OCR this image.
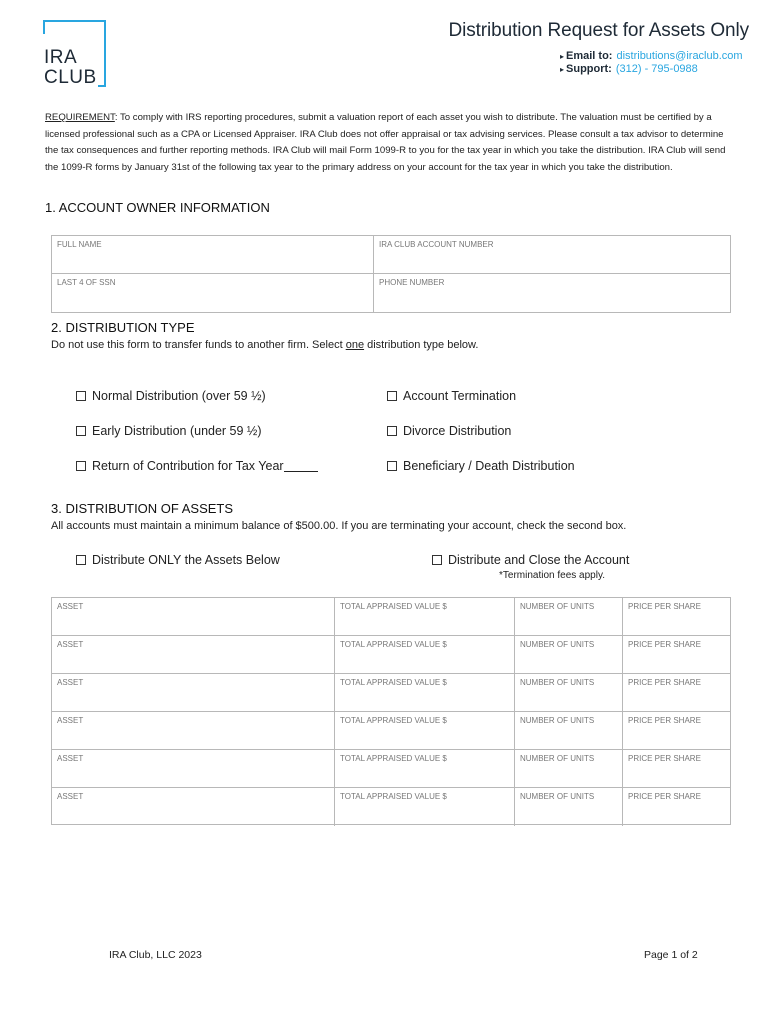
IRA
CLUB
Distribution Request for Assets Only
▸ Email to: distributions@iraclub.com
▸ Support: (312) - 795-0988

REQUIREMENT: To comply with IRS reporting procedures, submit a valuation report of each asset you wish to distribute. The valuation must be certified by a licensed professional such as a CPA or Licensed Appraiser. IRA Club does not offer appraisal or tax advising services. Please consult a tax advisor to determine the tax consequences and further reporting methods. IRA Club will mail Form 1099-R to you for the tax year in which you take the distribution. IRA Club will send the 1099-R forms by January 31st of the following tax year to the primary address on your account for the tax year in which you take the distribution.

1. ACCOUNT OWNER INFORMATION
FULL NAME	IRA CLUB ACCOUNT NUMBER
LAST 4 OF SSN	PHONE NUMBER
2. DISTRIBUTION TYPE
Do not use this form to transfer funds to another firm. Select one distribution type below.
Normal Distribution (over 59 ½)	Account Termination
Early Distribution (under 59 ½)	Divorce Distribution
Return of Contribution for Tax Year	Beneficiary / Death Distribution
3. DISTRIBUTION OF ASSETS
All accounts must maintain a minimum balance of $500.00. If you are terminating your account, check the second box.
Distribute ONLY the Assets Below	Distribute and Close the Account
*Termination fees apply.
ASSET	TOTAL APPRAISED VALUE $	NUMBER OF UNITS	PRICE PER SHARE
ASSET	TOTAL APPRAISED VALUE $	NUMBER OF UNITS	PRICE PER SHARE
ASSET	TOTAL APPRAISED VALUE $	NUMBER OF UNITS	PRICE PER SHARE
ASSET	TOTAL APPRAISED VALUE $	NUMBER OF UNITS	PRICE PER SHARE
ASSET	TOTAL APPRAISED VALUE $	NUMBER OF UNITS	PRICE PER SHARE
ASSET	TOTAL APPRAISED VALUE $	NUMBER OF UNITS	PRICE PER SHARE
IRA Club, LLC 2023	Page 1 of 2
